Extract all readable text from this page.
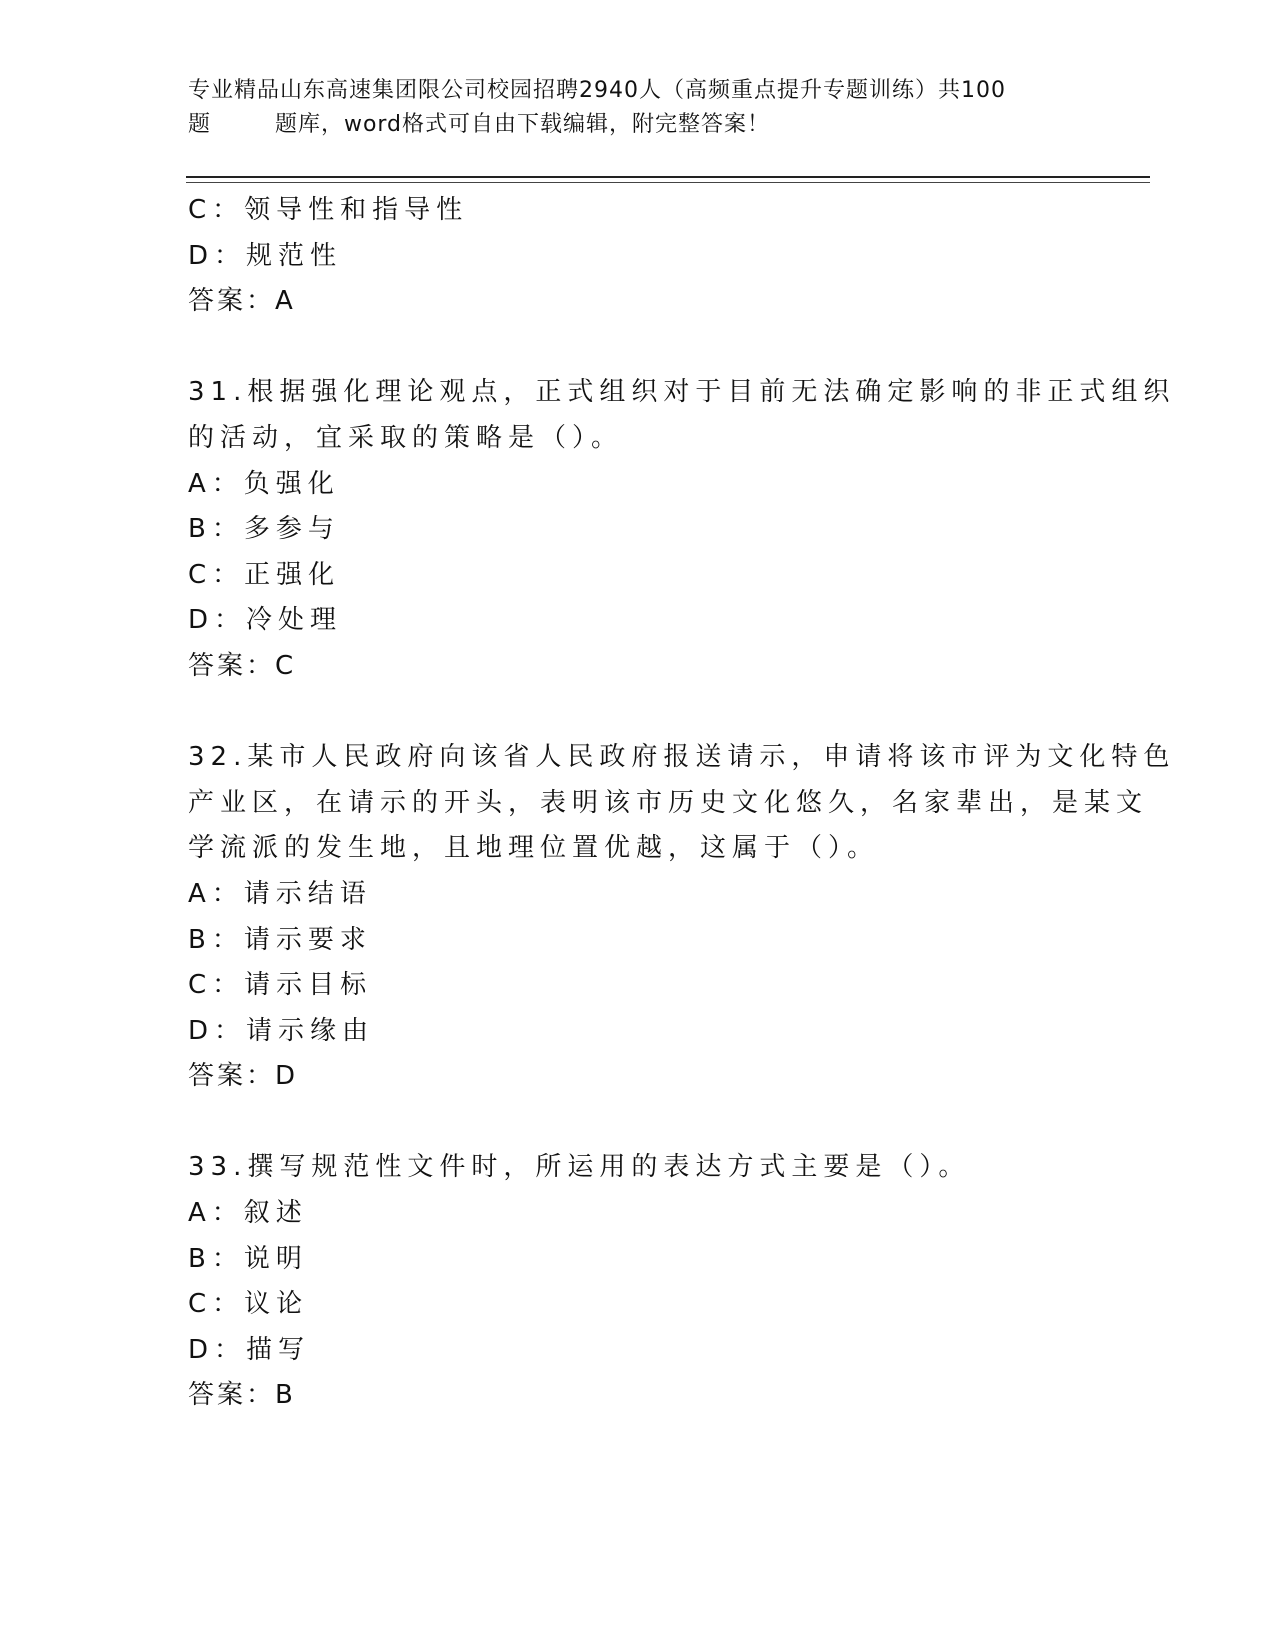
专业精品山东高速集团限公司校园招聘2940人（高频重点提升专题训练）共100
题        题库，word格式可自由下载编辑，附完整答案！
C：领导性和指导性
D：规范性
答案：A
31.根据强化理论观点，正式组织对于目前无法确定影响的非正式组织
的活动，宜采取的策略是（）。
A：负强化
B：多参与
C：正强化
D：冷处理
答案：C
32.某市人民政府向该省人民政府报送请示，申请将该市评为文化特色
产业区，在请示的开头，表明该市历史文化悠久，名家辈出，是某文
学流派的发生地，且地理位置优越，这属于（）。
A：请示结语
B：请示要求
C：请示目标
D：请示缘由
答案：D
33.撰写规范性文件时，所运用的表达方式主要是（）。
A：叙述
B：说明
C：议论
D：描写
答案：B
